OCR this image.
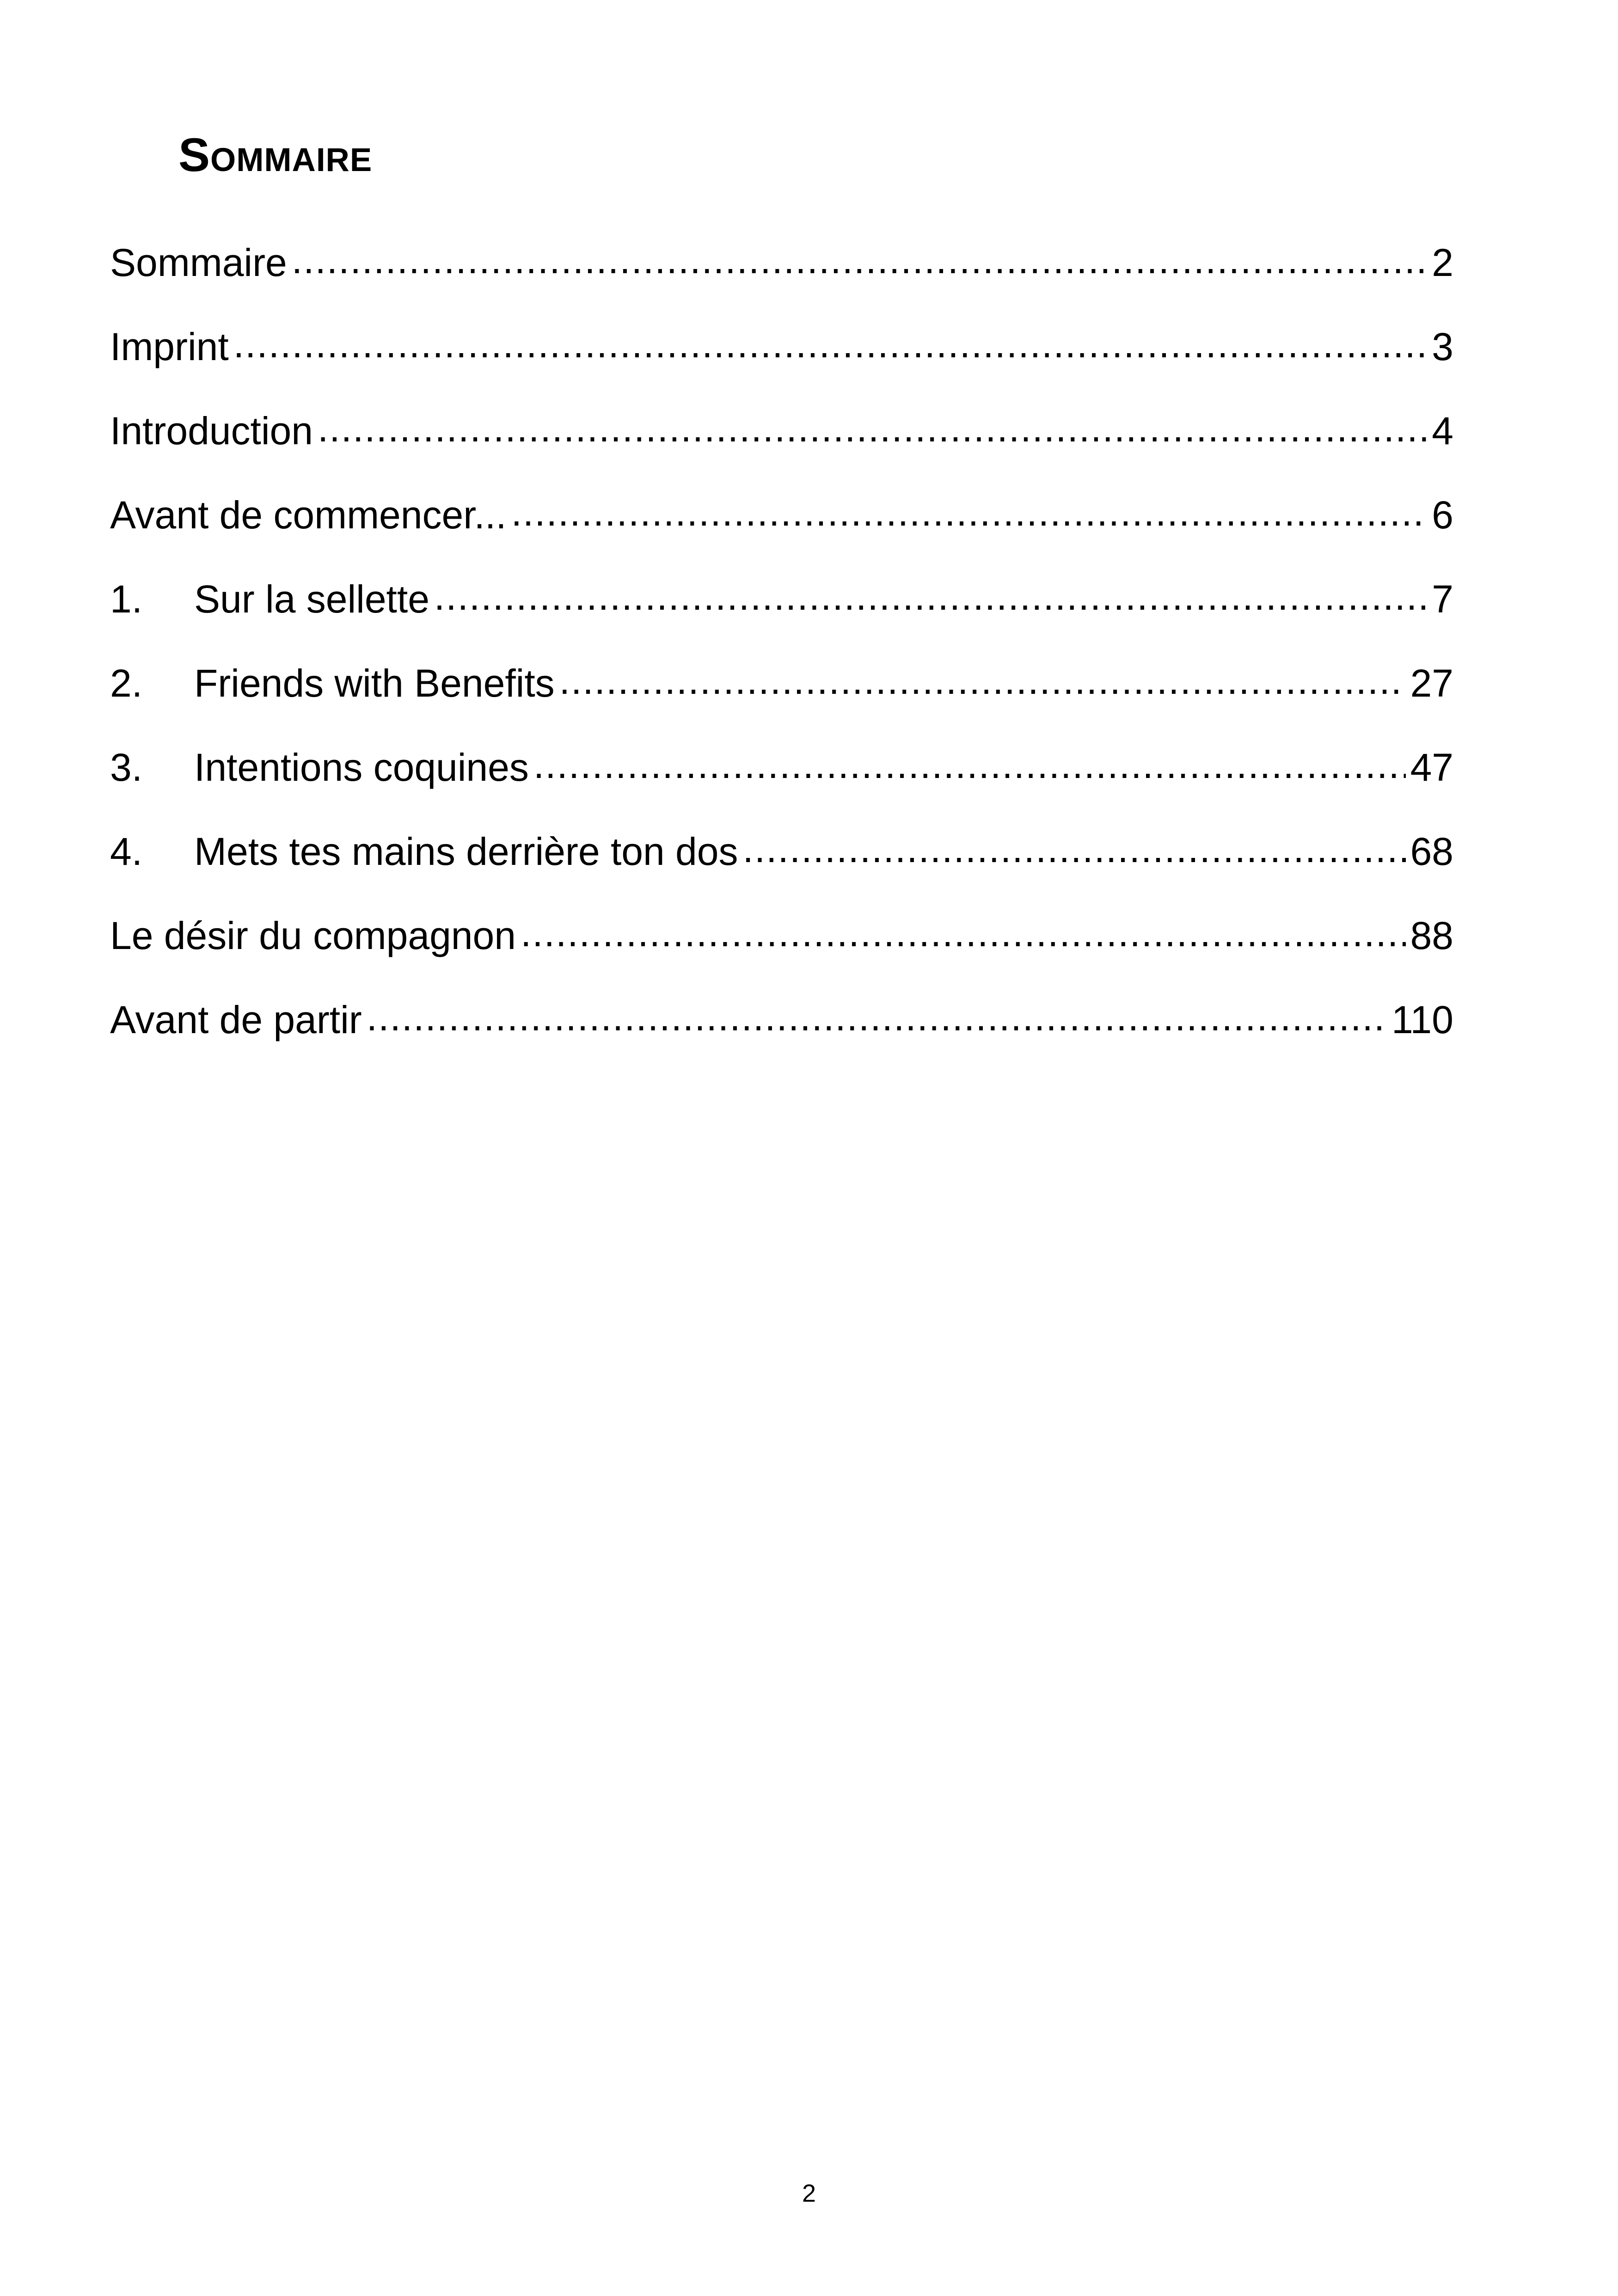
Sommaire
Sommaire .....	2
Imprint .....	3
Introduction .....	4
Avant de commencer... .....	6
1.	Sur la sellette .....	7
2.	Friends with Benefits .....	27
3.	Intentions coquines .....	47
4.	Mets tes mains derrière ton dos .....	68
Le désir du compagnon .....	88
Avant de partir .....	110
2
